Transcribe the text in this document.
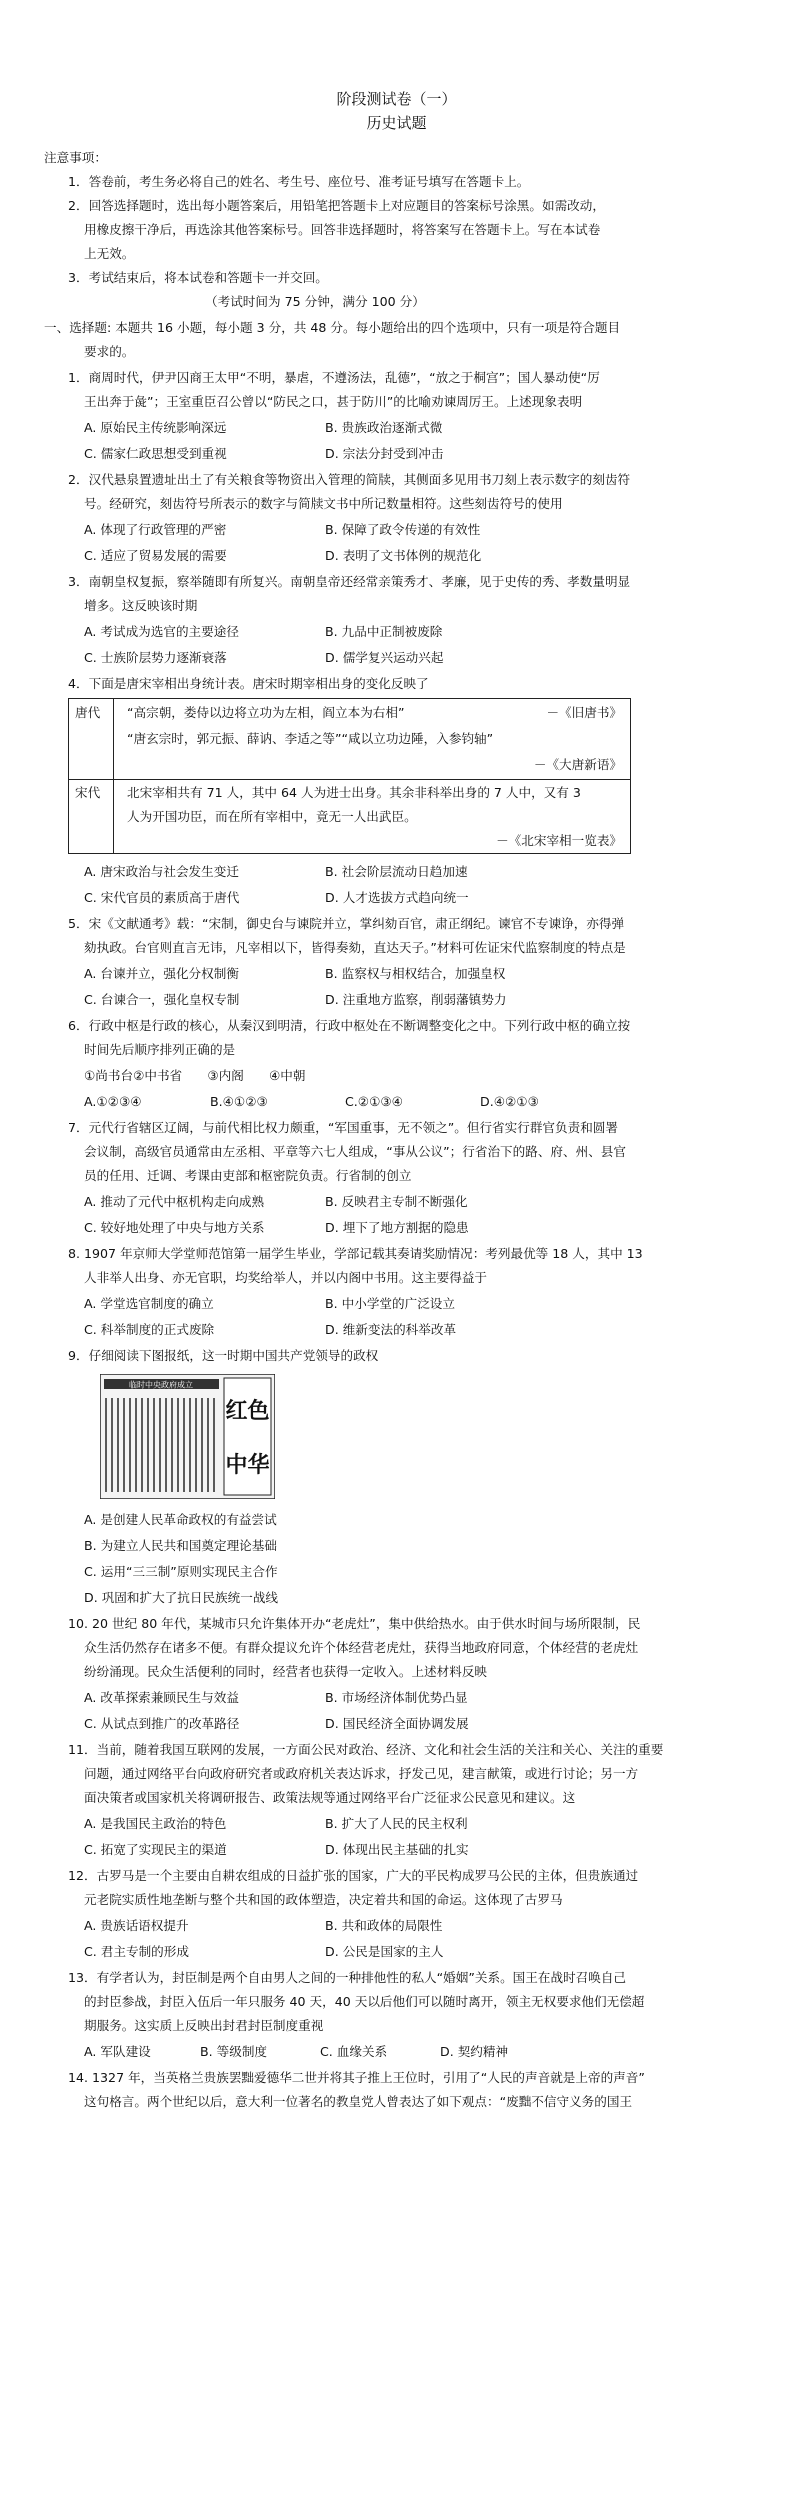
阶段测试卷（一）
历史试题
注意事项：
1．答卷前，考生务必将自己的姓名、考生号、座位号、准考证号填写在答题卡上。
2．回答选择题时，选出每小题答案后，用铅笔把答题卡上对应题目的答案标号涂黑。如需改动，
用橡皮擦干净后，再选涂其他答案标号。回答非选择题时，将答案写在答题卡上。写在本试卷
上无效。
3．考试结束后，将本试卷和答题卡一并交回。
（考试时间为 75 分钟，满分 100 分）
一、选择题: 本题共 16 小题，每小题 3 分，共 48 分。每小题给出的四个选项中，只有一项是符合题目
要求的。
1．商周时代，伊尹囚商王太甲“不明，暴虐，不遵汤法，乱德”，“放之于桐宫”；国人暴动使“厉
王出奔于彘”；王室重臣召公曾以“防民之口，甚于防川”的比喻劝谏周厉王。上述现象表明
A. 原始民主传统影响深远	B. 贵族政治逐渐式微
C. 儒家仁政思想受到重视	D. 宗法分封受到冲击
2．汉代悬泉置遗址出土了有关粮食等物资出入管理的简牍，其侧面多见用书刀刻上表示数字的刻齿符
号。经研究，刻齿符号所表示的数字与简牍文书中所记数量相符。这些刻齿符号的使用
A. 体现了行政管理的严密	B. 保障了政令传递的有效性
C. 适应了贸易发展的需要	D. 表明了文书体例的规范化
3．南朝皇权复振，察举随即有所复兴。南朝皇帝还经常亲策秀才、孝廉，见于史传的秀、孝数量明显
增多。这反映该时期
A. 考试成为选官的主要途径	B. 九品中正制被废除
C. 士族阶层势力逐渐衰落	D. 儒学复兴运动兴起
4．下面是唐宋宰相出身统计表。唐宋时期宰相出身的变化反映了
唐代 “高宗朝，娄侍以边将立功为左相，阎立本为右相”	－《旧唐书》
“唐玄宗时，郭元振、薛讷、李适之等”“咸以立功边陲，入参钧轴”
－《大唐新语》
宋代 北宋宰相共有 71 人，其中 64 人为进士出身。其余非科举出身的 7 人中，又有 3
人为开国功臣，而在所有宰相中，竟无一人出武臣。
－《北宋宰相一览表》
A. 唐宋政治与社会发生变迁	B. 社会阶层流动日趋加速
C. 宋代官员的素质高于唐代	D. 人才选拔方式趋向统一
5．宋《文献通考》载：“宋制，御史台与谏院并立，掌纠劾百官，肃正纲纪。谏官不专谏诤，亦得弹
劾执政。台官则直言无讳，凡宰相以下，皆得奏劾，直达天子。”材料可佐证宋代监察制度的特点是
A. 台谏并立，强化分权制衡	B. 监察权与相权结合，加强皇权
C. 台谏合一，强化皇权专制	D. 注重地方监察，削弱藩镇势力
6．行政中枢是行政的核心，从秦汉到明清，行政中枢处在不断调整变化之中。下列行政中枢的确立按
时间先后顺序排列正确的是
①尚书台②中书省　　③内阁　　④中朝
A.①②③④	B.④①②③	C.②①③④	D.④②①③
7．元代行省辖区辽阔，与前代相比权力颇重，“军国重事，无不领之”。但行省实行群官负责和圆署
会议制，高级官员通常由左丞相、平章等六七人组成，“事从公议”；行省治下的路、府、州、县官
员的任用、迁调、考课由吏部和枢密院负责。行省制的创立
A. 推动了元代中枢机构走向成熟	B. 反映君主专制不断强化
C. 较好地处理了中央与地方关系	D. 埋下了地方割据的隐患
8. 1907 年京师大学堂师范馆第一届学生毕业，学部记载其奏请奖励情况：考列最优等 18 人，其中 13
人非举人出身、亦无官职，均奖给举人，并以内阁中书用。这主要得益于
A. 学堂选官制度的确立	B. 中小学堂的广泛设立
C. 科举制度的正式废除	D. 维新变法的科举改革
9．仔细阅读下图报纸，这一时期中国共产党领导的政权
临时中央政府成立
红色
中华
A. 是创建人民革命政权的有益尝试
B. 为建立人民共和国奠定理论基础
C. 运用“三三制”原则实现民主合作
D. 巩固和扩大了抗日民族统一战线
10. 20 世纪 80 年代，某城市只允许集体开办“老虎灶”，集中供给热水。由于供水时间与场所限制，民
众生活仍然存在诸多不便。有群众提议允许个体经营老虎灶，获得当地政府同意，个体经营的老虎灶
纷纷涌现。民众生活便利的同时，经营者也获得一定收入。上述材料反映
A. 改革探索兼顾民生与效益	B. 市场经济体制优势凸显
C. 从试点到推广的改革路径	D. 国民经济全面协调发展
11．当前，随着我国互联网的发展，一方面公民对政治、经济、文化和社会生活的关注和关心、关注的重要
问题，通过网络平台向政府研究者或政府机关表达诉求，抒发己见，建言献策，或进行讨论；另一方
面决策者或国家机关将调研报告、政策法规等通过网络平台广泛征求公民意见和建议。这
A. 是我国民主政治的特色	B. 扩大了人民的民主权利
C. 拓宽了实现民主的渠道	D. 体现出民主基础的扎实
12．古罗马是一个主要由自耕农组成的日益扩张的国家，广大的平民构成罗马公民的主体，但贵族通过
元老院实质性地垄断与整个共和国的政体塑造，决定着共和国的命运。这体现了古罗马
A. 贵族话语权提升	B. 共和政体的局限性
C. 君主专制的形成	D. 公民是国家的主人
13．有学者认为，封臣制是两个自由男人之间的一种排他性的私人“婚姻”关系。国王在战时召唤自己
的封臣参战，封臣入伍后一年只服务 40 天，40 天以后他们可以随时离开，领主无权要求他们无偿超
期服务。这实质上反映出封君封臣制度重视
A. 军队建设	B. 等级制度	C. 血缘关系	D. 契约精神
14. 1327 年，当英格兰贵族罢黜爱德华二世并将其子推上王位时，引用了“人民的声音就是上帝的声音”
这句格言。两个世纪以后，意大利一位著名的教皇党人曾表达了如下观点：“废黜不信守义务的国王
